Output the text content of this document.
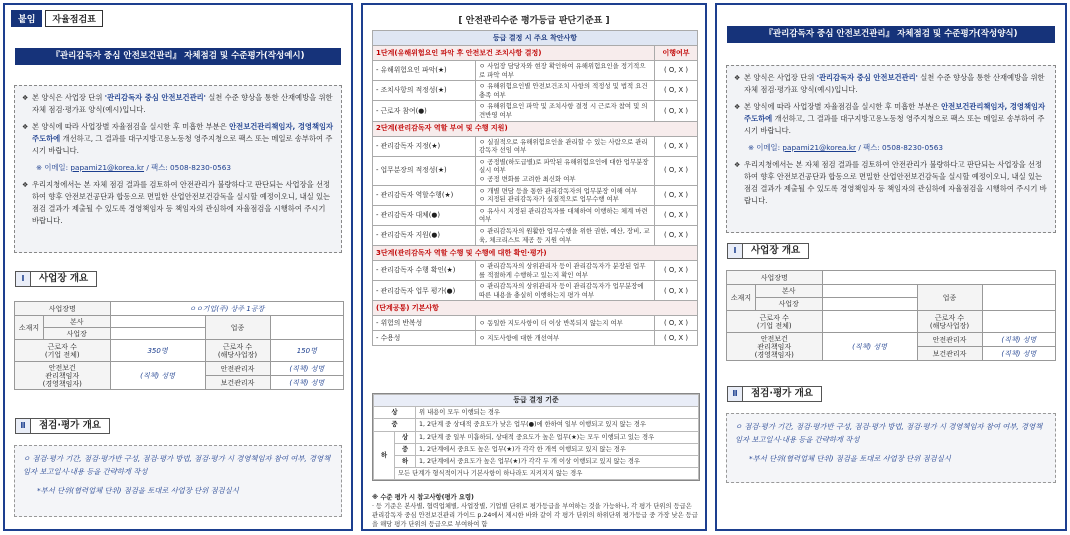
붙임	자율점검표
『관리감독자 중심 안전보건관리』 자체점검 및 수준평가(작성예시)

❖ 본 양식은 사업장 단위 '관리감독자 중심 안전보건관리' 실천 수준 향상을 통한 산재예방을 위한 자체 점검·평가표 양식(예시)입니다.

❖ 본 양식에 따라 사업장별 자율점검을 실시한 후 미흡한 부분은 안전보건관리책임자, 경영책임자 주도하에 개선하고, 그 결과를 대구지방고용노동청 영주지청으로 팩스 또는 메일로 송부하여 주시기 바랍니다.

※ 이메일: papami21@korea.kr / 팩스: 0508-8230-0563

❖ 우리지청에서는 본 자체 점검 결과를 검토하여 안전관리가 불량하다고 판단되는 사업장을 선정하여 향후 안전보건공단과 합동으로 면밀한 산업안전보건감독을 실시할 예정이오니, 내실 있는 점검 결과가 제출될 수 있도록 경영책임자 등 책임자의 관심하에 자율점검을 시행하여 주시기 바랍니다.

Ⅰ	사업장 개요
사업장명		ㅇㅇ기업(주) 상주 1공장		
소재지	본사		업종	
	사업장			
근로자 수
(기업 전체)		350명	근로자 수
(해당사업장)	150명
안전보건
관리책임자
(경영책임자)		(직책) 성명	안전관리자	(직책) 성명
			보건관리자	(직책) 성명
Ⅱ	점검·평가 개요

ㅇ 점검·평가 기간, 점검·평가반 구성, 점검·평가 방법, 점검·평가 시 경영책임자 참여 여부, 경영책임자 보고일시·내용 등을 간략하게 작성

*부서 단위(협력업체 단위) 점검을 토대로 사업장 단위 점검실시

[ 안전관리수준 평가등급 판단기준표 ]
등급 결정 시 주요 착안사항		
1단계(유해위험요인 파악 후 안전보건 조치사항 결정)		이행여부
- 유해위험요인 파악(★)	ㅇ 사업장 담당자와 현장 확인하여 유해위험요인을 정기적으로 파악 여부	( O, X )
- 조치사항의 적정성(★)	ㅇ 유해위험요인별 안전보건조치 사항의 적정성 및 법적 요건 충족 여부	( O, X )
- 근로자 참여(●)	ㅇ 유해위험요인 파악 및 조치사항 결정 시 근로자 참여 및 의견반영 여부	( O, X )
2단계(관리감독자 역할 부여 및 수행 지원)		
- 관리감독자 지정(★)	ㅇ 실질적으로 유해위험요인을 관리할 수 있는 사람으로 관리감독자 선임 여부	( O, X )
- 업무분장의 적정성(★)	ㅇ 공정별(하도급별)로 파악된 유해위험요인에 대한 업무분장 실시 여부
ㅇ 공정 변화를 고려한 최신화 여부	( O, X )
- 관리감독자 역할수행(★)	ㅇ 개별 면담 등을 통한 관리감독자의 업무분장 이해 여부
ㅇ 지정된 관리감독자가 실질적으로 업무수행 여부	( O, X )
- 관리감독자 대체(●)	ㅇ 유사시 지정된 관리감독자를 대체하여 이행하는 체계 마련 여부	( O, X )
- 관리감독자 지원(●)	ㅇ 관리감독자의 원활한 업무수행을 위한 권한, 예산, 장비, 교육, 체크리스트 제공 등 지원 여부	( O, X )
3단계(관리감독자 역할 수행 및 수행에 대한 확인·평가)		
- 관리감독자 수행 확인(★)	ㅇ 관리감독자의 상위관리자 등이 관리감독자가 분장된 업무를 적절하게 수행하고 있는지 확인 여부	( O, X )
- 관리감독자 업무 평가(●)	ㅇ 관리감독자의 상위관리자 등이 관리감독자가 업무분장에 따른 내용을 충실히 이행하는지 평가 여부	( O, X )
(단계공통) 기본사항		
- 위험의 반복성	ㅇ 동일한 지도사항이 더 이상 반복되지 않는지 여부	( O, X )
- 수용성	ㅇ 지도사항에 대한 개선여부	( O, X )
등급 결정 기준		
상		위 내용이 모두 이행되는 경우
중		1, 2단계 중 상대적 중요도가 낮은 업무(●)에 한하여 일부 이행되고 있지 않는 경우
하	상	1, 2단계 중 일부 미흡하되, 상대적 중요도가 높은 업무(★)는 모두 이행되고 있는 경우
	중	1, 2단계에서 중요도 높은 업무(★)가 각각 한 개씩 이행되고 있지 않는 경우
	하	1, 2단계에서 중요도가 높은 업무(★)가 각각 두 개 이상 이행되고 있지 않는 경우
	모든 단계가 형식적이거나 기본사항이 하나라도 지켜지지 않는 경우	
※ 수준 평가 시 참고사항(평가 요령)
· 등 기준은 본사별, 협력업체별, 사업장별, 기업별 단위로 평가등급을 부여하는 것을 가능하나, 각 평가 단위의 등급은 관리감독자 중심 안전보건관리 가이드 p.24에서 제시한 바와 같이 각 평가 단위의 하위단위 평가등급 중 가장 낮은 등급을 해당 평가 단위의 등급으로 부여하여 함
『관리감독자 중심 안전보건관리』 자체점검 및 수준평가(작성양식)

❖ 본 양식은 사업장 단위 '관리감독자 중심 안전보건관리' 실천 수준 향상을 통한 산재예방을 위한 자체 점검·평가표 양식(예시)입니다.

❖ 본 양식에 따라 사업장별 자율점검을 실시한 후 미흡한 부분은 안전보건관리책임자, 경영책임자 주도하에 개선하고, 그 결과를 대구지방고용노동청 영주지청으로 팩스 또는 메일로 송부하여 주시기 바랍니다.

※ 이메일: papami21@korea.kr / 팩스: 0508-8230-0563

❖ 우리지청에서는 본 자체 점검 결과를 검토하여 안전관리가 불량하다고 판단되는 사업장을 선정하여 향후 안전보건공단과 합동으로 면밀한 산업안전보건감독을 실시할 예정이오니, 내실 있는 점검 결과가 제출될 수 있도록 경영책임자 등 책임자의 관심하에 자율점검을 시행하여 주시기 바랍니다.

Ⅰ	사업장 개요
사업장명				
소재지	본사		업종	
	사업장			
근로자 수
(기업 전체)			근로자 수
(해당사업장)	
안전보건
관리책임자
(경영책임자)		(직책) 성명	안전관리자	(직책) 성명
			보건관리자	(직책) 성명
Ⅱ	점검·평가 개요

ㅇ 점검·평가 기간, 점검·평가반 구성, 점검·평가 방법, 점검·평가 시 경영책임자 참여 여부, 경영책임자 보고일시·내용 등을 간략하게 작성

*부서 단위(협력업체 단위) 점검을 토대로 사업장 단위 점검실시
